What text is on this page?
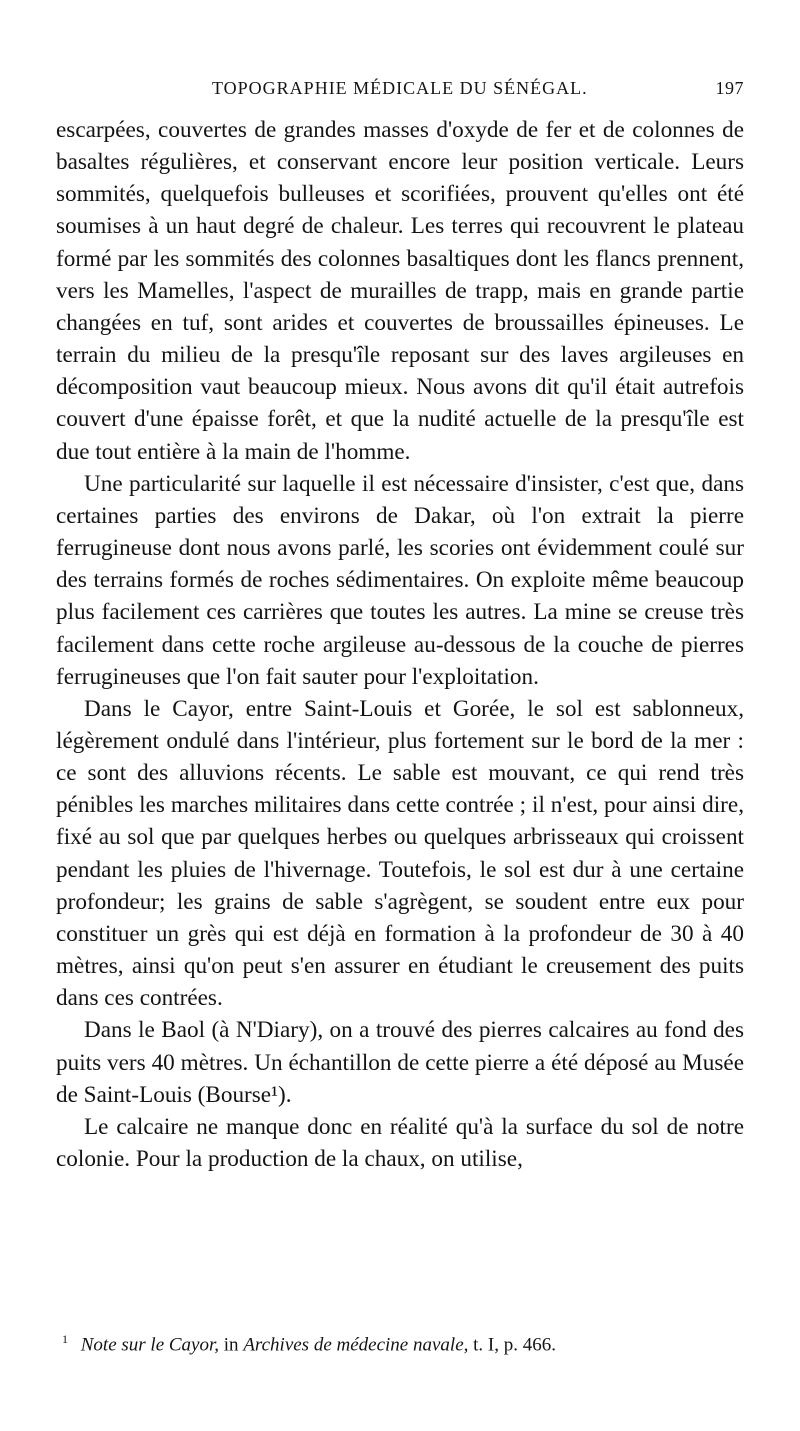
TOPOGRAPHIE MÉDICALE DU SÉNÉGAL.	197

escarpées, couvertes de grandes masses d'oxyde de fer et de colonnes de basaltes régulières, et conservant encore leur position verticale. Leurs sommités, quelquefois bulleuses et scorifiées, prouvent qu'elles ont été soumises à un haut degré de chaleur. Les terres qui recouvrent le plateau formé par les sommités des colonnes basaltiques dont les flancs prennent, vers les Mamelles, l'aspect de murailles de trapp, mais en grande partie changées en tuf, sont arides et couvertes de broussailles épineuses. Le terrain du milieu de la presqu'île reposant sur des laves argileuses en décomposition vaut beaucoup mieux. Nous avons dit qu'il était autrefois couvert d'une épaisse forêt, et que la nudité actuelle de la presqu'île est due tout entière à la main de l'homme.

Une particularité sur laquelle il est nécessaire d'insister, c'est que, dans certaines parties des environs de Dakar, où l'on extrait la pierre ferrugineuse dont nous avons parlé, les scories ont évidemment coulé sur des terrains formés de roches sédimentaires. On exploite même beaucoup plus facilement ces carrières que toutes les autres. La mine se creuse très facilement dans cette roche argileuse au-dessous de la couche de pierres ferrugineuses que l'on fait sauter pour l'exploitation.

Dans le Cayor, entre Saint-Louis et Gorée, le sol est sablonneux, légèrement ondulé dans l'intérieur, plus fortement sur le bord de la mer : ce sont des alluvions récents. Le sable est mouvant, ce qui rend très pénibles les marches militaires dans cette contrée ; il n'est, pour ainsi dire, fixé au sol que par quelques herbes ou quelques arbrisseaux qui croissent pendant les pluies de l'hivernage. Toutefois, le sol est dur à une certaine profondeur; les grains de sable s'agrègent, se soudent entre eux pour constituer un grès qui est déjà en formation à la profondeur de 30 à 40 mètres, ainsi qu'on peut s'en assurer en étudiant le creusement des puits dans ces contrées.

Dans le Baol (à N'Diary), on a trouvé des pierres calcaires au fond des puits vers 40 mètres. Un échantillon de cette pierre a été déposé au Musée de Saint-Louis (Bourse¹).

Le calcaire ne manque donc en réalité qu'à la surface du sol de notre colonie. Pour la production de la chaux, on utilise,

$^1$ Note sur le Cayor, in Archives de médecine navale, t. I, p. 466.
